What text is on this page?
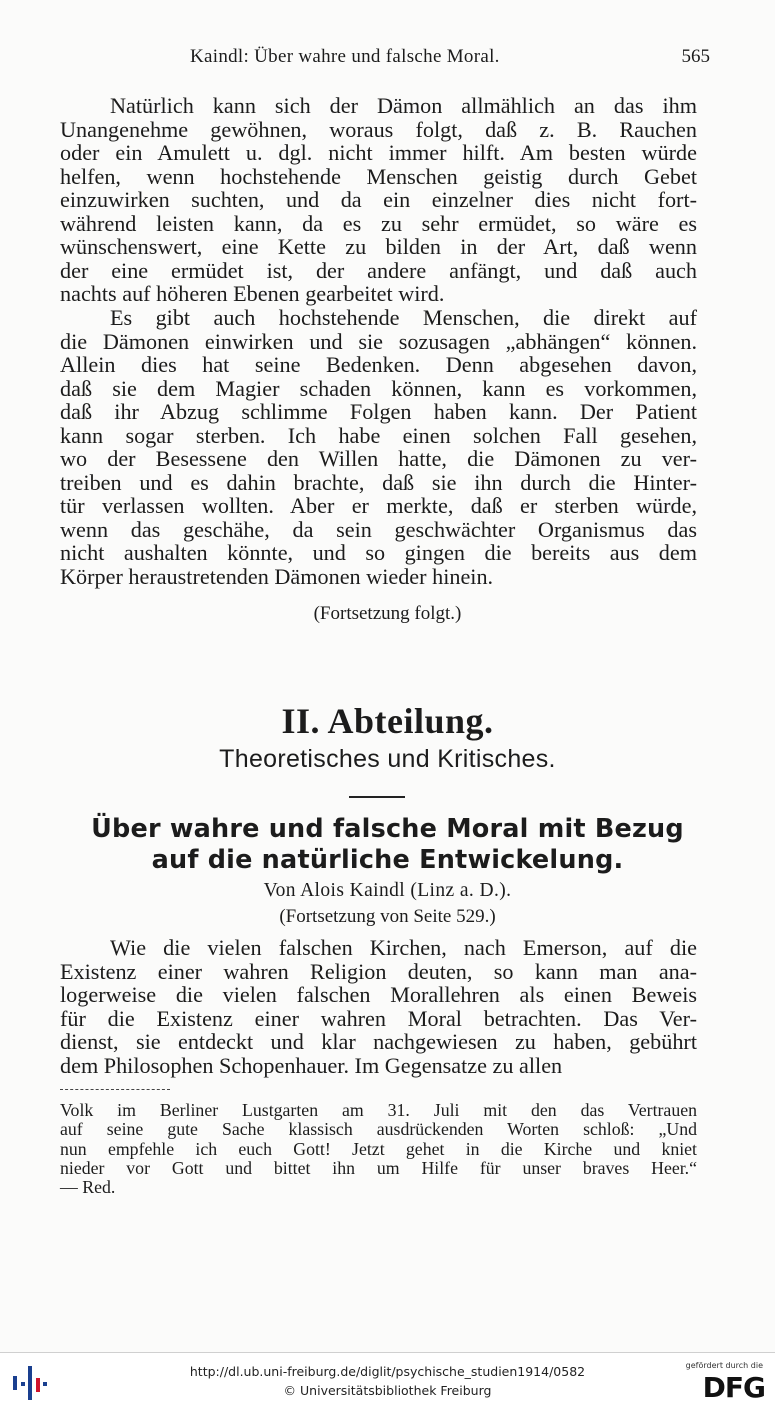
Kaindl: Über wahre und falsche Moral.	565
Natürlich kann sich der Dämon allmählich an das ihm
Unangenehme gewöhnen, woraus folgt, daß z. B. Rauchen
oder ein Amulett u. dgl. nicht immer hilft. Am besten würde
helfen, wenn hochstehende Menschen geistig durch Gebet
einzuwirken suchten, und da ein einzelner dies nicht fort-
während leisten kann, da es zu sehr ermüdet, so wäre es
wünschenswert, eine Kette zu bilden in der Art, daß wenn
der eine ermüdet ist, der andere anfängt, und daß auch
nachts auf höheren Ebenen gearbeitet wird.
Es gibt auch hochstehende Menschen, die direkt auf
die Dämonen einwirken und sie sozusagen „abhängen“ können.
Allein dies hat seine Bedenken. Denn abgesehen davon,
daß sie dem Magier schaden können, kann es vorkommen,
daß ihr Abzug schlimme Folgen haben kann. Der Patient
kann sogar sterben. Ich habe einen solchen Fall gesehen,
wo der Besessene den Willen hatte, die Dämonen zu ver-
treiben und es dahin brachte, daß sie ihn durch die Hinter-
tür verlassen wollten. Aber er merkte, daß er sterben würde,
wenn das geschähe, da sein geschwächter Organismus das
nicht aushalten könnte, und so gingen die bereits aus dem
Körper heraustretenden Dämonen wieder hinein.
(Fortsetzung folgt.)
II. Abteilung.
Theoretisches und Kritisches.
Über wahre und falsche Moral mit Bezug
auf die natürliche Entwickelung.
Von Alois Kaindl (Linz a. D.).
(Fortsetzung von Seite 529.)
Wie die vielen falschen Kirchen, nach Emerson, auf die
Existenz einer wahren Religion deuten, so kann man ana-
logerweise die vielen falschen Morallehren als einen Beweis
für die Existenz einer wahren Moral betrachten. Das Ver-
dienst, sie entdeckt und klar nachgewiesen zu haben, gebührt
dem Philosophen Schopenhauer. Im Gegensatze zu allen
Volk im Berliner Lustgarten am 31. Juli mit den das Vertrauen
auf seine gute Sache klassisch ausdrückenden Worten schloß: „Und
nun empfehle ich euch Gott! Jetzt gehet in die Kirche und kniet
nieder vor Gott und bittet ihn um Hilfe für unser braves Heer.“
— Red.
http://dl.ub.uni-freiburg.de/diglit/psychische_studien1914/0582
© Universitätsbibliothek Freiburg
gefördert durch die
DFG
